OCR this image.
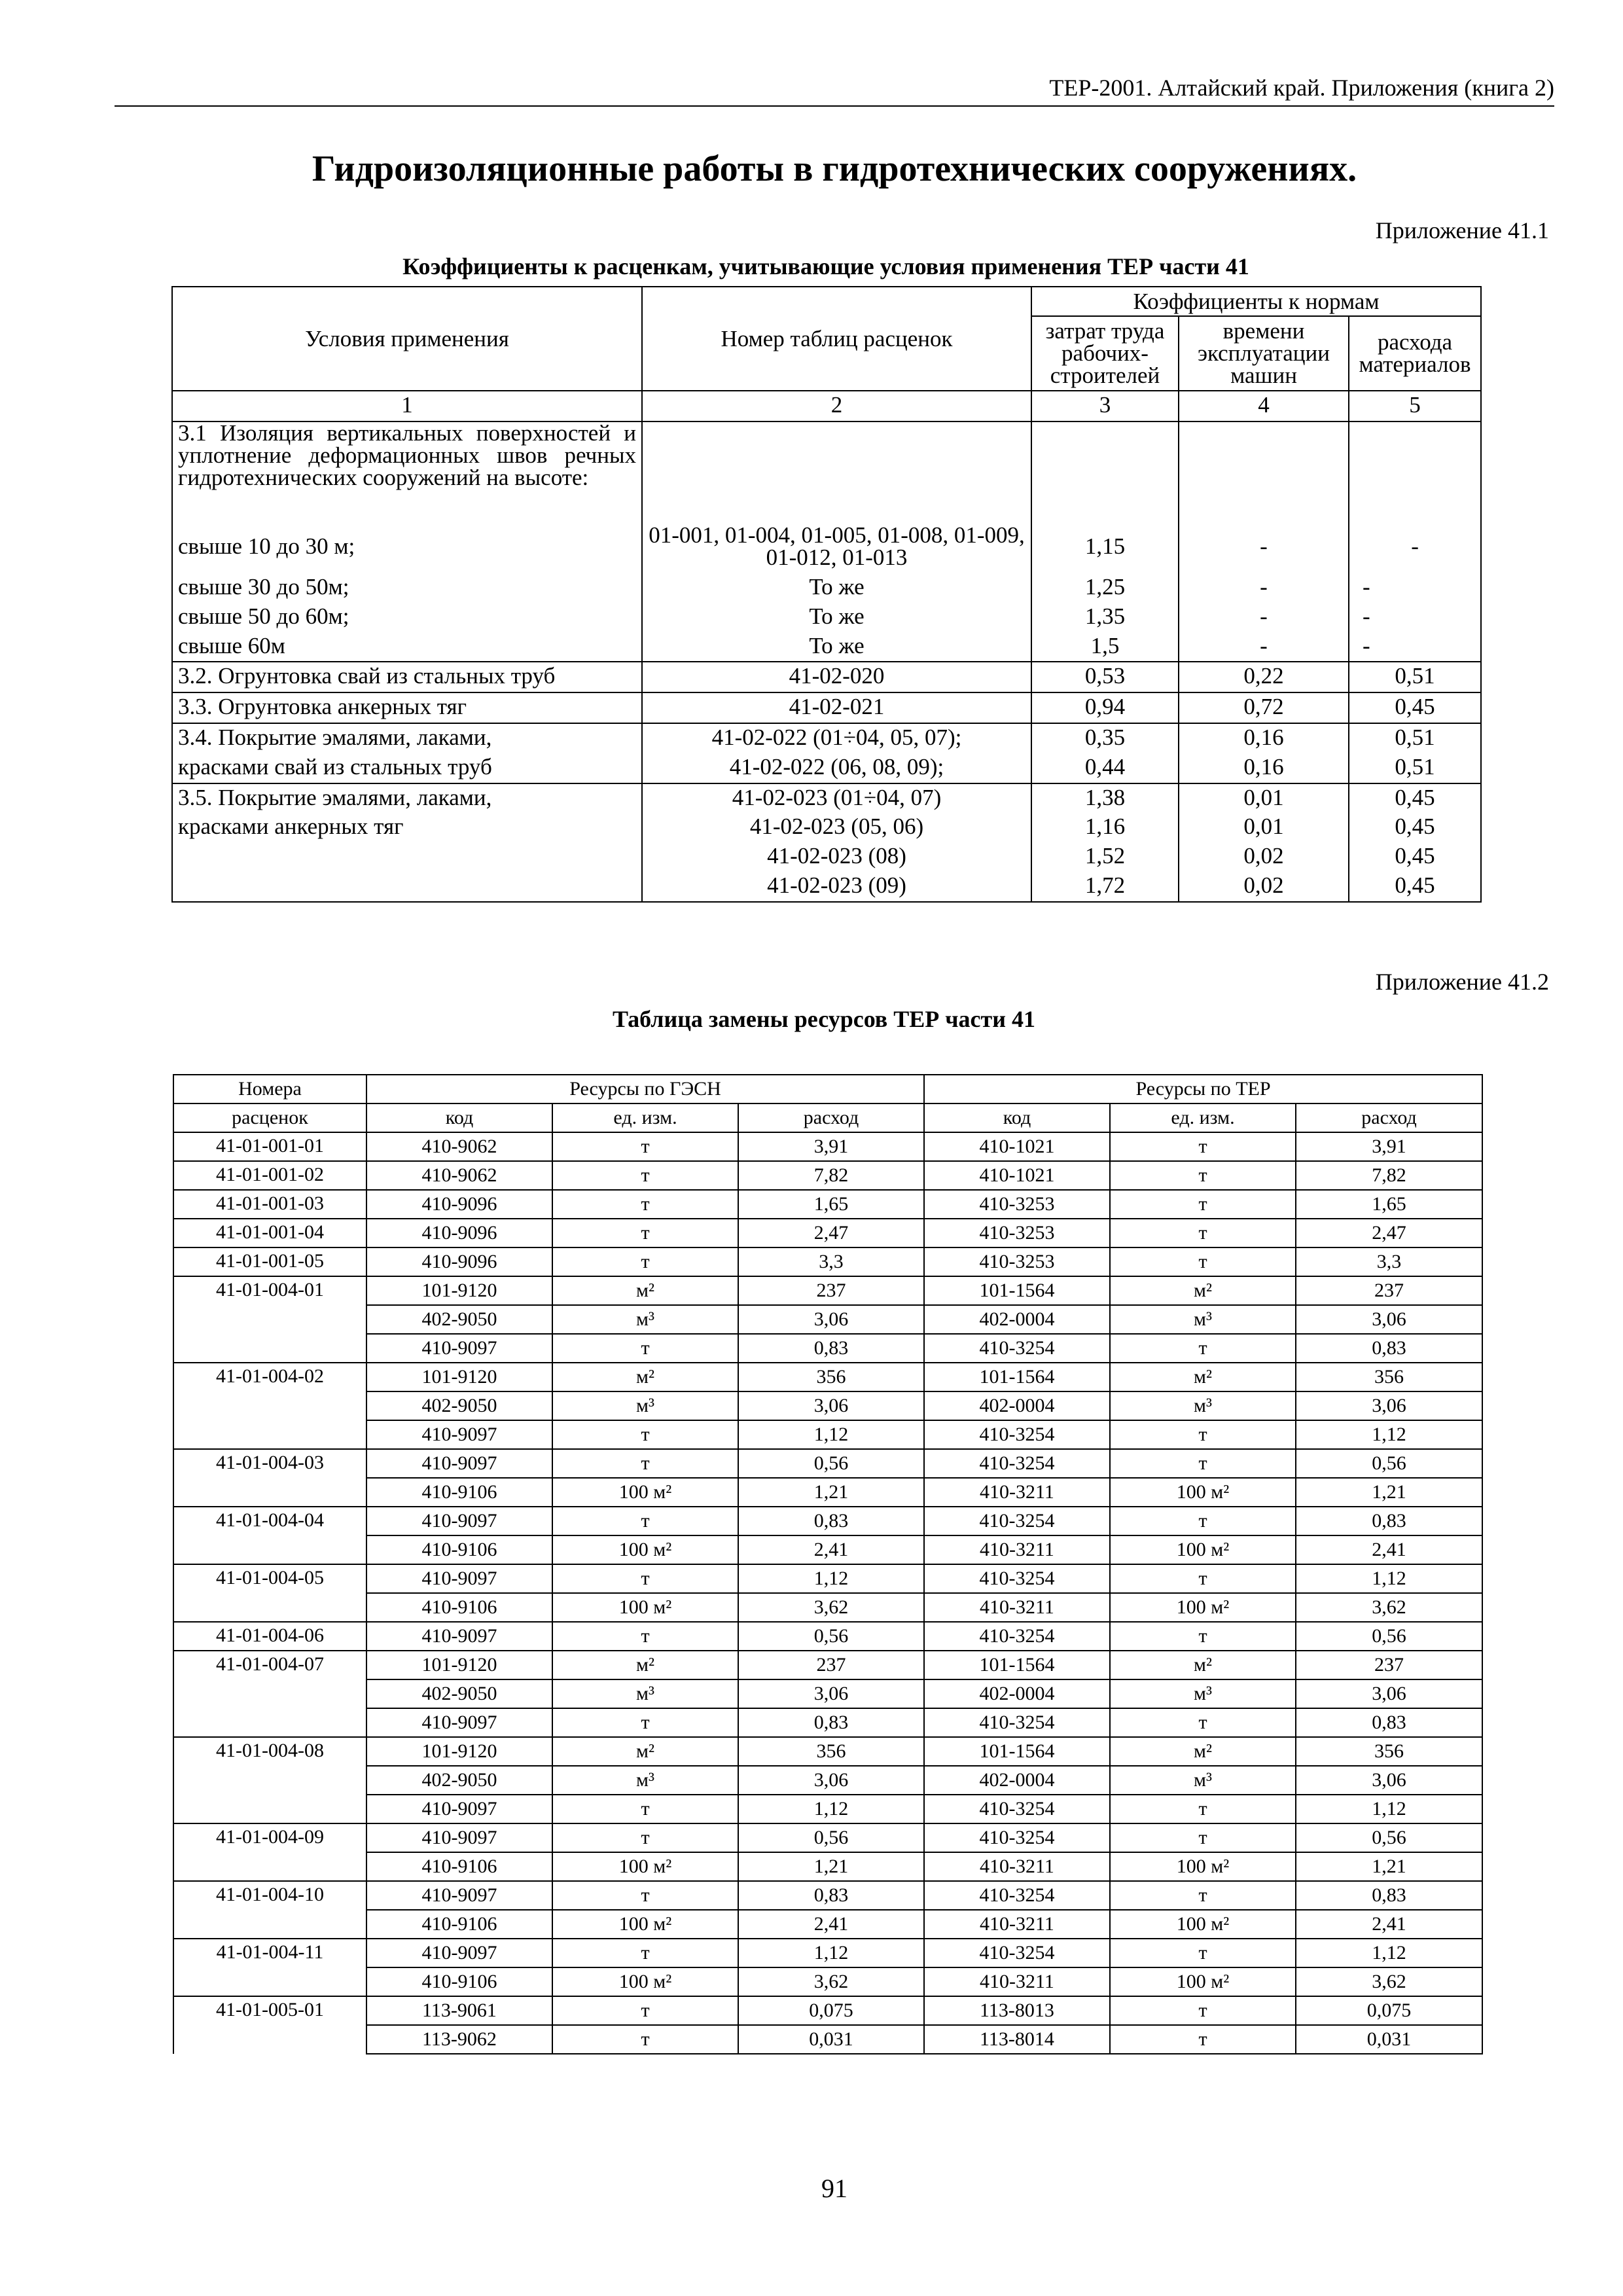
ТЕР-2001. Алтайский край. Приложения (книга 2)
Гидроизоляционные работы в гидротехнических сооружениях.
Приложение 41.1
Коэффициенты к расценкам, учитывающие условия применения ТЕР части 41
Условия применения	Номер таблиц расценок	Коэффициенты к нормам		
		затрат труда рабочих-строителей	времени эксплуатации машин	расхода материалов
1	2	3	4	5
3.1 Изоляция вертикальных поверхностей и уплотнение деформационных швов речных гидротехнических сооружений на высоте:				
свыше 10 до 30 м;	01-001, 01-004, 01-005, 01-008, 01-009, 01-012, 01-013	1,15	-	-
свыше 30 до 50м;	То же	1,25	-	-
свыше 50 до 60м;	То же	1,35	-	-
свыше 60м	То же	1,5	-	-
3.2. Огрунтовка свай из стальных труб	41-02-020	0,53	0,22	0,51
3.3. Огрунтовка анкерных тяг	41-02-021	0,94	0,72	0,45
3.4. Покрытие эмалями, лаками,	41-02-022 (01÷04, 05, 07);	0,35	0,16	0,51
красками свай из стальных труб	41-02-022 (06, 08, 09);	0,44	0,16	0,51
3.5. Покрытие эмалями, лаками,	41-02-023 (01÷04, 07)	1,38	0,01	0,45
красками анкерных тяг	41-02-023 (05, 06)	1,16	0,01	0,45
	41-02-023 (08)	1,52	0,02	0,45
	41-02-023 (09)	1,72	0,02	0,45
Приложение 41.2
Таблица замены ресурсов ТЕР части 41
Номера	Ресурсы по ГЭСН			Ресурсы по ТЕР		
расценок	код	ед. изм.	расход	код	ед. изм.	расход
41-01-001-01	410-9062	т	3,91	410-1021	т	3,91
41-01-001-02	410-9062	т	7,82	410-1021	т	7,82
41-01-001-03	410-9096	т	1,65	410-3253	т	1,65
41-01-001-04	410-9096	т	2,47	410-3253	т	2,47
41-01-001-05	410-9096	т	3,3	410-3253	т	3,3
41-01-004-01	101-9120	м²	237	101-1564	м²	237
	402-9050	м³	3,06	402-0004	м³	3,06
	410-9097	т	0,83	410-3254	т	0,83
41-01-004-02	101-9120	м²	356	101-1564	м²	356
	402-9050	м³	3,06	402-0004	м³	3,06
	410-9097	т	1,12	410-3254	т	1,12
41-01-004-03	410-9097	т	0,56	410-3254	т	0,56
	410-9106	100 м²	1,21	410-3211	100 м²	1,21
41-01-004-04	410-9097	т	0,83	410-3254	т	0,83
	410-9106	100 м²	2,41	410-3211	100 м²	2,41
41-01-004-05	410-9097	т	1,12	410-3254	т	1,12
	410-9106	100 м²	3,62	410-3211	100 м²	3,62
41-01-004-06	410-9097	т	0,56	410-3254	т	0,56
41-01-004-07	101-9120	м²	237	101-1564	м²	237
	402-9050	м³	3,06	402-0004	м³	3,06
	410-9097	т	0,83	410-3254	т	0,83
41-01-004-08	101-9120	м²	356	101-1564	м²	356
	402-9050	м³	3,06	402-0004	м³	3,06
	410-9097	т	1,12	410-3254	т	1,12
41-01-004-09	410-9097	т	0,56	410-3254	т	0,56
	410-9106	100 м²	1,21	410-3211	100 м²	1,21
41-01-004-10	410-9097	т	0,83	410-3254	т	0,83
	410-9106	100 м²	2,41	410-3211	100 м²	2,41
41-01-004-11	410-9097	т	1,12	410-3254	т	1,12
	410-9106	100 м²	3,62	410-3211	100 м²	3,62
41-01-005-01	113-9061	т	0,075	113-8013	т	0,075
	113-9062	т	0,031	113-8014	т	0,031
91
